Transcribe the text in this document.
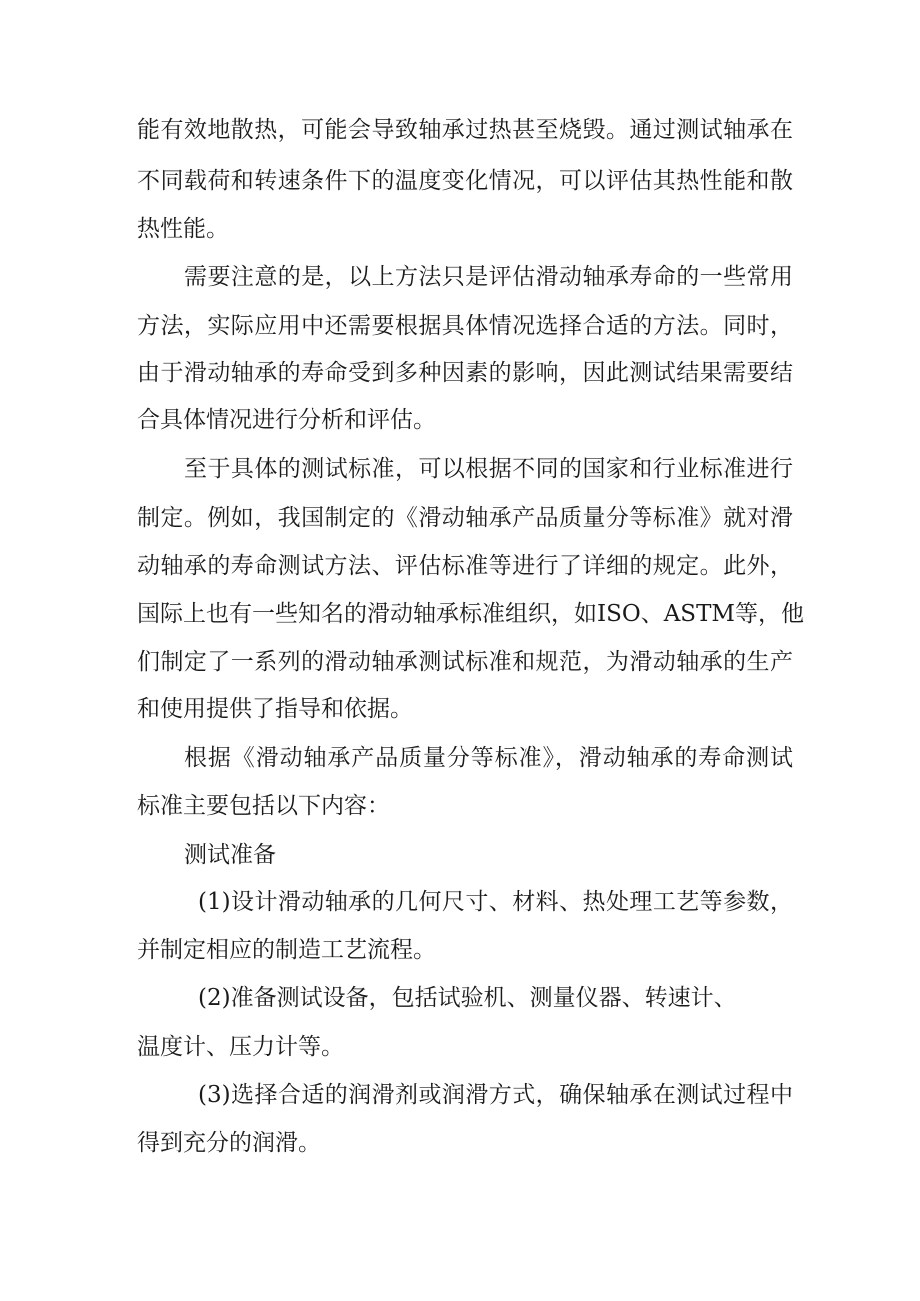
能有效地散热，可能会导致轴承过热甚至烧毁。通过测试轴承在
不同载荷和转速条件下的温度变化情况，可以评估其热性能和散
热性能。
需要注意的是，以上方法只是评估滑动轴承寿命的一些常用
方法，实际应用中还需要根据具体情况选择合适的方法。同时，
由于滑动轴承的寿命受到多种因素的影响，因此测试结果需要结
合具体情况进行分析和评估。
至于具体的测试标准，可以根据不同的国家和行业标准进行
制定。例如，我国制定的《滑动轴承产品质量分等标准》就对滑
动轴承的寿命测试方法、评估标准等进行了详细的规定。此外，
国际上也有一些知名的滑动轴承标准组织，如ISO、ASTM等，他
们制定了一系列的滑动轴承测试标准和规范，为滑动轴承的生产
和使用提供了指导和依据。
根据《滑动轴承产品质量分等标准》，滑动轴承的寿命测试
标准主要包括以下内容：
测试准备
(1)设计滑动轴承的几何尺寸、材料、热处理工艺等参数，
并制定相应的制造工艺流程。
(2)准备测试设备，包括试验机、测量仪器、转速计、
温度计、压力计等。
(3)选择合适的润滑剂或润滑方式，确保轴承在测试过程中
得到充分的润滑。
